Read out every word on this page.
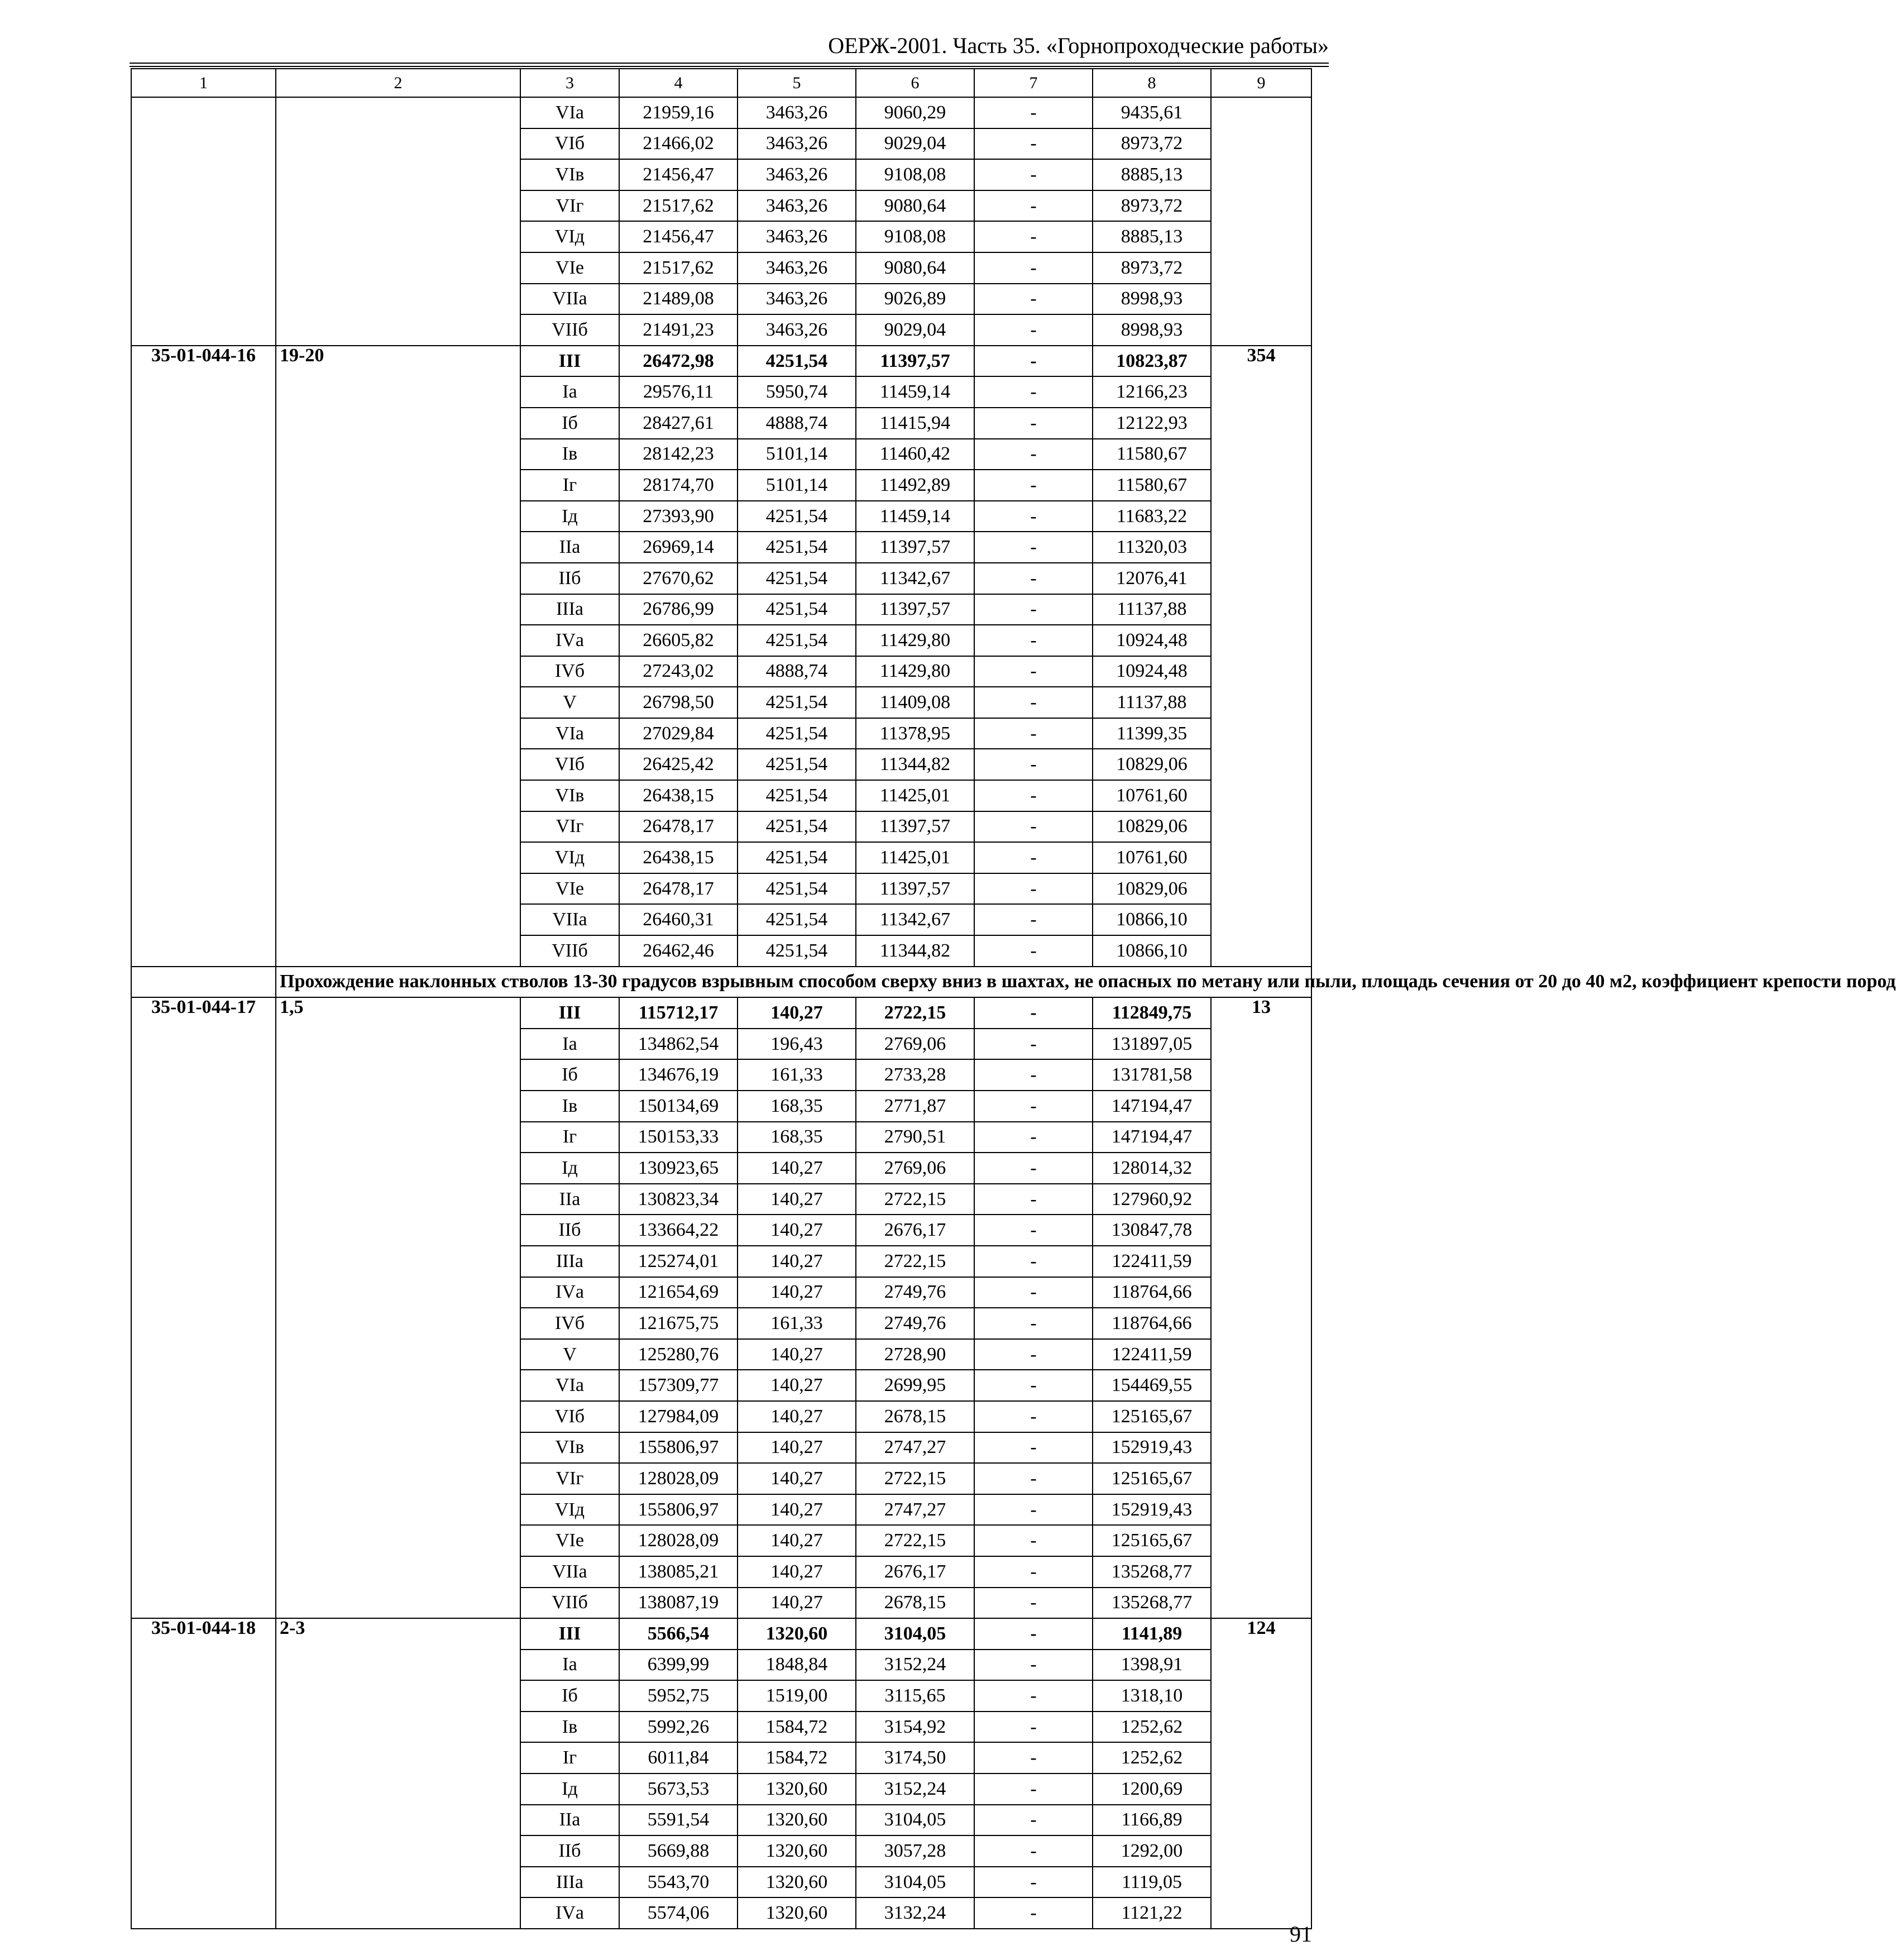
ОЕРЖ-2001. Часть 35. «Горнопроходческие работы»
1	2	3	4	5	6	7	8	9
		VIа	21959,16	3463,26	9060,29	-	9435,61	
		VIб	21466,02	3463,26	9029,04	-	8973,72	
		VIв	21456,47	3463,26	9108,08	-	8885,13	
		VIг	21517,62	3463,26	9080,64	-	8973,72	
		VIд	21456,47	3463,26	9108,08	-	8885,13	
		VIе	21517,62	3463,26	9080,64	-	8973,72	
		VIIа	21489,08	3463,26	9026,89	-	8998,93	
		VIIб	21491,23	3463,26	9029,04	-	8998,93	
35-01-044-16	19-20	III	26472,98	4251,54	11397,57	-	10823,87	354
		Iа	29576,11	5950,74	11459,14	-	12166,23	
		Iб	28427,61	4888,74	11415,94	-	12122,93	
		Iв	28142,23	5101,14	11460,42	-	11580,67	
		Iг	28174,70	5101,14	11492,89	-	11580,67	
		Iд	27393,90	4251,54	11459,14	-	11683,22	
		IIа	26969,14	4251,54	11397,57	-	11320,03	
		IIб	27670,62	4251,54	11342,67	-	12076,41	
		IIIа	26786,99	4251,54	11397,57	-	11137,88	
		IVа	26605,82	4251,54	11429,80	-	10924,48	
		IVб	27243,02	4888,74	11429,80	-	10924,48	
		V	26798,50	4251,54	11409,08	-	11137,88	
		VIа	27029,84	4251,54	11378,95	-	11399,35	
		VIб	26425,42	4251,54	11344,82	-	10829,06	
		VIв	26438,15	4251,54	11425,01	-	10761,60	
		VIг	26478,17	4251,54	11397,57	-	10829,06	
		VIд	26438,15	4251,54	11425,01	-	10761,60	
		VIе	26478,17	4251,54	11397,57	-	10829,06	
		VIIа	26460,31	4251,54	11342,67	-	10866,10	
		VIIб	26462,46	4251,54	11344,82	-	10866,10	
	Прохождение наклонных стволов 13-30 градусов взрывным способом сверху вниз в шахтах, не опасных по метану или пыли, площадь сечения от 20 до 40 м2, коэффициент крепости пород							
35-01-044-17	1,5	III	115712,17	140,27	2722,15	-	112849,75	13
		Iа	134862,54	196,43	2769,06	-	131897,05	
		Iб	134676,19	161,33	2733,28	-	131781,58	
		Iв	150134,69	168,35	2771,87	-	147194,47	
		Iг	150153,33	168,35	2790,51	-	147194,47	
		Iд	130923,65	140,27	2769,06	-	128014,32	
		IIа	130823,34	140,27	2722,15	-	127960,92	
		IIб	133664,22	140,27	2676,17	-	130847,78	
		IIIа	125274,01	140,27	2722,15	-	122411,59	
		IVа	121654,69	140,27	2749,76	-	118764,66	
		IVб	121675,75	161,33	2749,76	-	118764,66	
		V	125280,76	140,27	2728,90	-	122411,59	
		VIа	157309,77	140,27	2699,95	-	154469,55	
		VIб	127984,09	140,27	2678,15	-	125165,67	
		VIв	155806,97	140,27	2747,27	-	152919,43	
		VIг	128028,09	140,27	2722,15	-	125165,67	
		VIд	155806,97	140,27	2747,27	-	152919,43	
		VIе	128028,09	140,27	2722,15	-	125165,67	
		VIIа	138085,21	140,27	2676,17	-	135268,77	
		VIIб	138087,19	140,27	2678,15	-	135268,77	
35-01-044-18	2-3	III	5566,54	1320,60	3104,05	-	1141,89	124
		Iа	6399,99	1848,84	3152,24	-	1398,91	
		Iб	5952,75	1519,00	3115,65	-	1318,10	
		Iв	5992,26	1584,72	3154,92	-	1252,62	
		Iг	6011,84	1584,72	3174,50	-	1252,62	
		Iд	5673,53	1320,60	3152,24	-	1200,69	
		IIа	5591,54	1320,60	3104,05	-	1166,89	
		IIб	5669,88	1320,60	3057,28	-	1292,00	
		IIIа	5543,70	1320,60	3104,05	-	1119,05	
		IVа	5574,06	1320,60	3132,24	-	1121,22	
91
